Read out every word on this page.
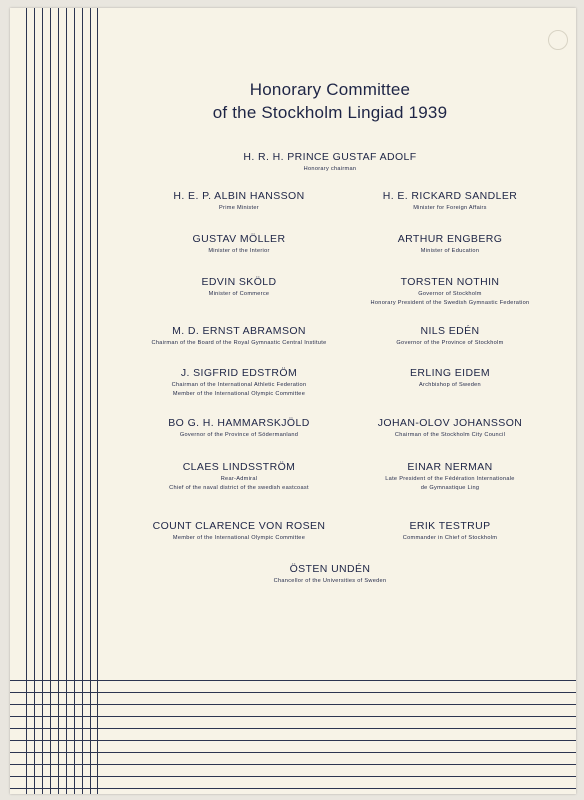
Honorary Committee
of the Stockholm Lingiad 1939
H. R. H. PRINCE GUSTAF ADOLF
Honorary chairman
H. E. P. ALBIN HANSSON
Prime Minister
GUSTAV MÖLLER
Minister of the Interior
EDVIN SKÖLD
Minister of Commerce
M. D. ERNST ABRAMSON
Chairman of the Board of the Royal Gymnastic Central Institute
J. SIGFRID EDSTRÖM
Chairman of the International Athletic Federation
Member of the International Olympic Committee
BO G. H. HAMMARSKJÖLD
Governor of the Province of Södermanland
CLAES LINDSSTRÖM
Rear-Admiral
Chief of the naval district of the swedish eastcoast
COUNT CLARENCE VON ROSEN
Member of the International Olympic Committee
H. E. RICKARD SANDLER
Minister for Foreign Affairs
ARTHUR ENGBERG
Minister of Education
TORSTEN NOTHIN
Governor of Stockholm
Honorary President of the Swedish Gymnastic Federation
NILS EDÉN
Governor of the Province of Stockholm
ERLING EIDEM
Archbishop of Sweden
JOHAN-OLOV JOHANSSON
Chairman of the Stockholm City Council
EINAR NERMAN
Late President of the Fédération Internationale
de Gymnastique Ling
ERIK TESTRUP
Commander in Chief of Stockholm
ÖSTEN UNDÉN
Chancellor of the Universities of Sweden
